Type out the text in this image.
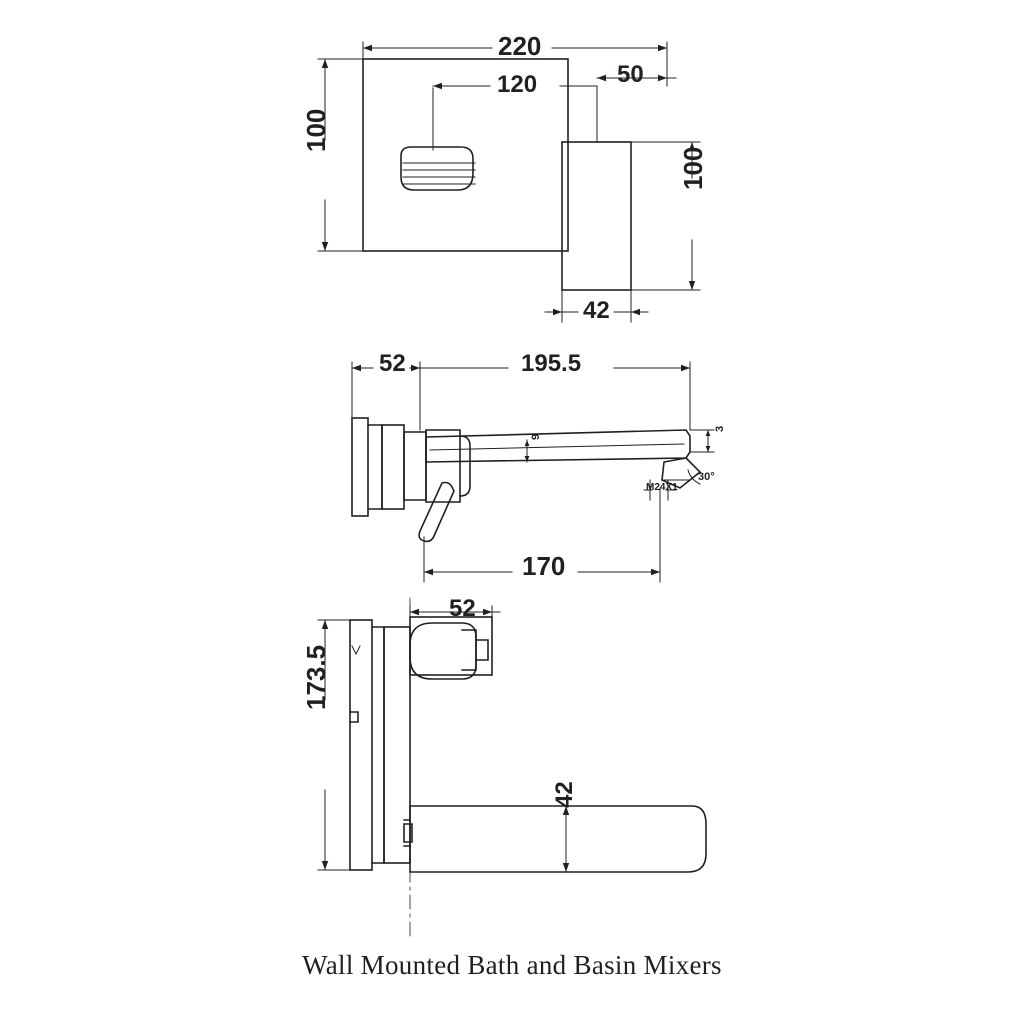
220
120	50
100
100
42
52	195.5
170
9
3
30°
M24X1
52
173.5
42
Wall Mounted Bath and Basin Mixers
